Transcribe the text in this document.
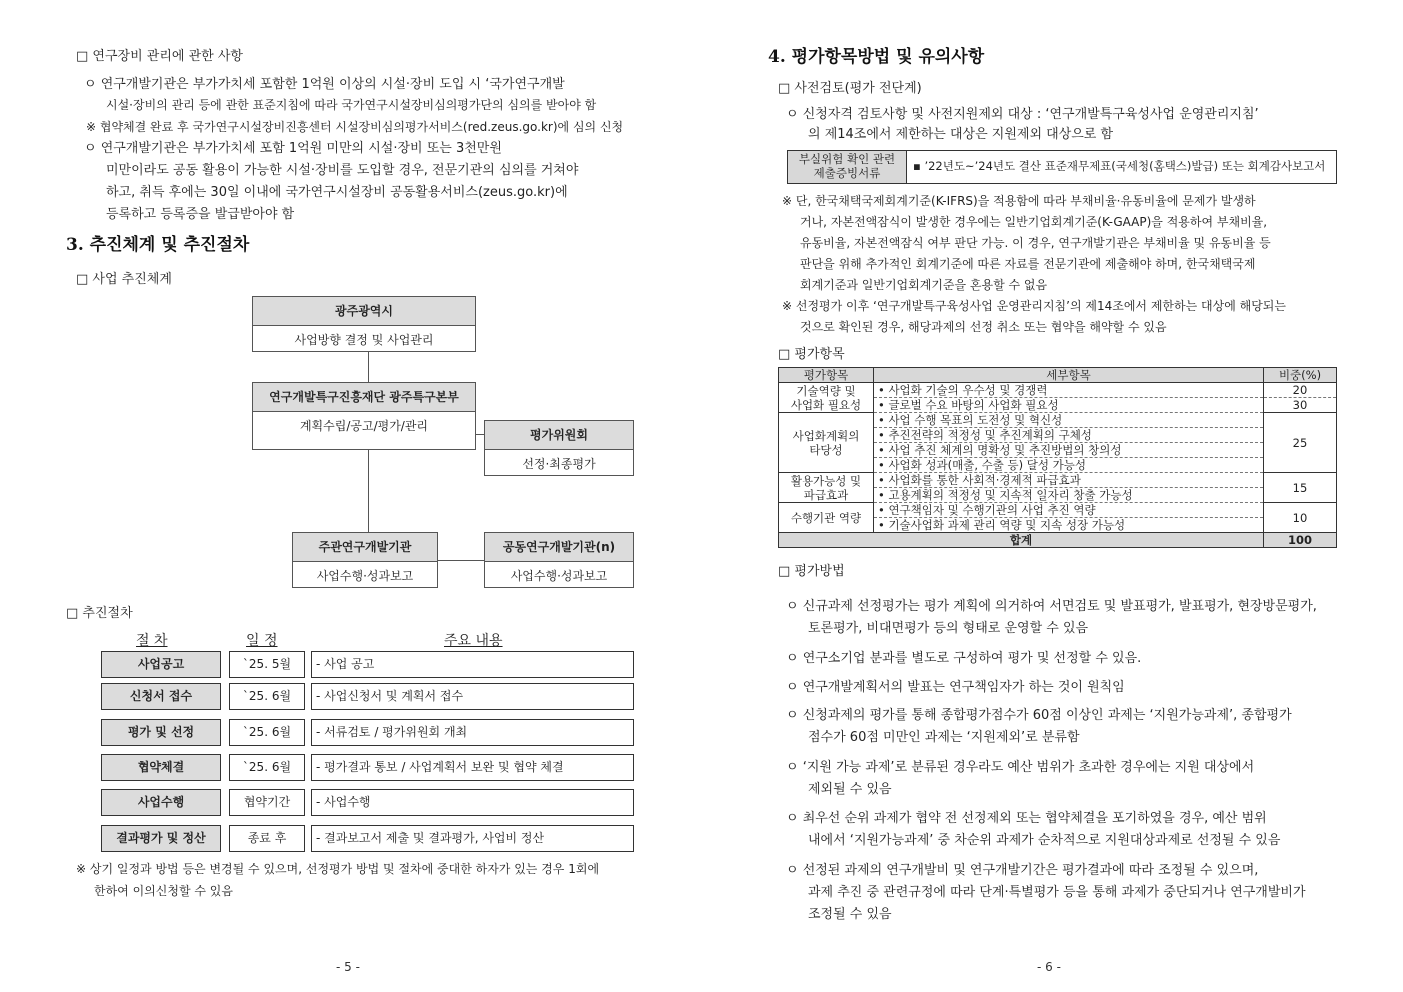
□ 연구장비 관리에 관한 사항
ㅇ 연구개발기관은 부가가치세 포함한 1억원 이상의 시설·장비 도입 시 ‘국가연구개발
시설·장비의 관리 등에 관한 표준지침에 따라 국가연구시설장비심의평가단의 심의를 받아야 함
※ 협약체결 완료 후 국가연구시설장비진흥센터 시설장비심의평가서비스(red.zeus.go.kr)에 심의 신청
ㅇ 연구개발기관은 부가가치세 포함 1억원 미만의 시설·장비 또는 3천만원
미만이라도 공동 활용이 가능한 시설·장비를 도입할 경우, 전문기관의 심의를 거쳐야
하고, 취득 후에는 30일 이내에 국가연구시설장비 공동활용서비스(zeus.go.kr)에
등록하고 등록증을 발급받아야 함
3. 추진체계 및 추진절차
□ 사업 추진체계
광주광역시
사업방향 결정 및 사업관리
연구개발특구진흥재단 광주특구본부
계획수립/공고/평가/관리
평가위원회
선정·최종평가
주관연구개발기관
사업수행·성과보고
공동연구개발기관(n)
사업수행·성과보고
□ 추진절차
절 차	일 정	주요 내용
사업공고	`25. 5월	- 사업 공고
신청서 접수	`25. 6월	- 사업신청서 및 계획서 접수
평가 및 선정	`25. 6월	- 서류검토 / 평가위원회 개최
협약체결	`25. 6월	- 평가결과 통보 / 사업계획서 보완 및 협약 체결
사업수행	협약기간	- 사업수행
결과평가 및 정산	종료 후	- 결과보고서 제출 및 결과평가, 사업비 정산
※ 상기 일정과 방법 등은 변경될 수 있으며, 선정평가 방법 및 절차에 중대한 하자가 있는 경우 1회에
한하여 이의신청할 수 있음
- 5 -
4. 평가항목방법 및 유의사항
□ 사전검토(평가 전단계)
ㅇ 신청자격 검토사항 및 사전지원제외 대상 : ‘연구개발특구육성사업 운영관리지침’
의 제14조에서 제한하는 대상은 지원제외 대상으로 함
부실위험 확인 관련
제출증빙서류	▪ ’22년도~’24년도 결산 표준재무제표(국세청(홈택스)발급) 또는 회계감사보고서
※ 단, 한국채택국제회계기준(K-IFRS)을 적용함에 따라 부채비율·유동비율에 문제가 발생하
거나, 자본전액잠식이 발생한 경우에는 일반기업회계기준(K-GAAP)을 적용하여 부채비율,
유동비율, 자본전액잠식 여부 판단 가능. 이 경우, 연구개발기관은 부채비율 및 유동비율 등
판단을 위해 추가적인 회계기준에 따른 자료를 전문기관에 제출해야 하며, 한국채택국제
회계기준과 일반기업회계기준을 혼용할 수 없음
※ 선정평가 이후 ‘연구개발특구육성사업 운영관리지침’의 제14조에서 제한하는 대상에 해당되는
것으로 확인된 경우, 해당과제의 선정 취소 또는 협약을 해약할 수 있음
□ 평가항목
평가항목	세부항목	비중(%)

기술역량 및
사업화 필요성	• 사업화 기술의 우수성 및 경쟁력	20
	• 글로벌 수요 바탕의 사업화 필요성	30

사업화계획의
타당성	• 사업 수행 목표의 도전성 및 혁신성	25
	• 추진전략의 적정성 및 추진계획의 구체성	
	• 사업 추진 체계의 명확성 및 추진방법의 창의성	
	• 사업화 성과(매출, 수출 등) 달성 가능성	

활용가능성 및
파급효과	• 사업화를 통한 사회적·경제적 파급효과	15
	• 고용계획의 적정성 및 지속적 일자리 창출 가능성	

수행기관 역량	• 연구책임자 및 수행기관의 사업 추진 역량	10
	• 기술사업화 과제 관리 역량 및 지속 성장 가능성	
합계		100
□ 평가방법
ㅇ 신규과제 선정평가는 평가 계획에 의거하여 서면검토 및 발표평가, 발표평가, 현장방문평가,
토론평가, 비대면평가 등의 형태로 운영할 수 있음
ㅇ 연구소기업 분과를 별도로 구성하여 평가 및 선정할 수 있음.
ㅇ 연구개발계획서의 발표는 연구책임자가 하는 것이 원칙임
ㅇ 신청과제의 평가를 통해 종합평가점수가 60점 이상인 과제는 ‘지원가능과제’, 종합평가
점수가 60점 미만인 과제는 ‘지원제외’로 분류함
ㅇ ‘지원 가능 과제’로 분류된 경우라도 예산 범위가 초과한 경우에는 지원 대상에서
제외될 수 있음
ㅇ 최우선 순위 과제가 협약 전 선정제외 또는 협약체결을 포기하였을 경우, 예산 범위
내에서 ‘지원가능과제’ 중 차순위 과제가 순차적으로 지원대상과제로 선정될 수 있음
ㅇ 선정된 과제의 연구개발비 및 연구개발기간은 평가결과에 따라 조정될 수 있으며,
과제 추진 중 관련규정에 따라 단계·특별평가 등을 통해 과제가 중단되거나 연구개발비가
조정될 수 있음
- 6 -
